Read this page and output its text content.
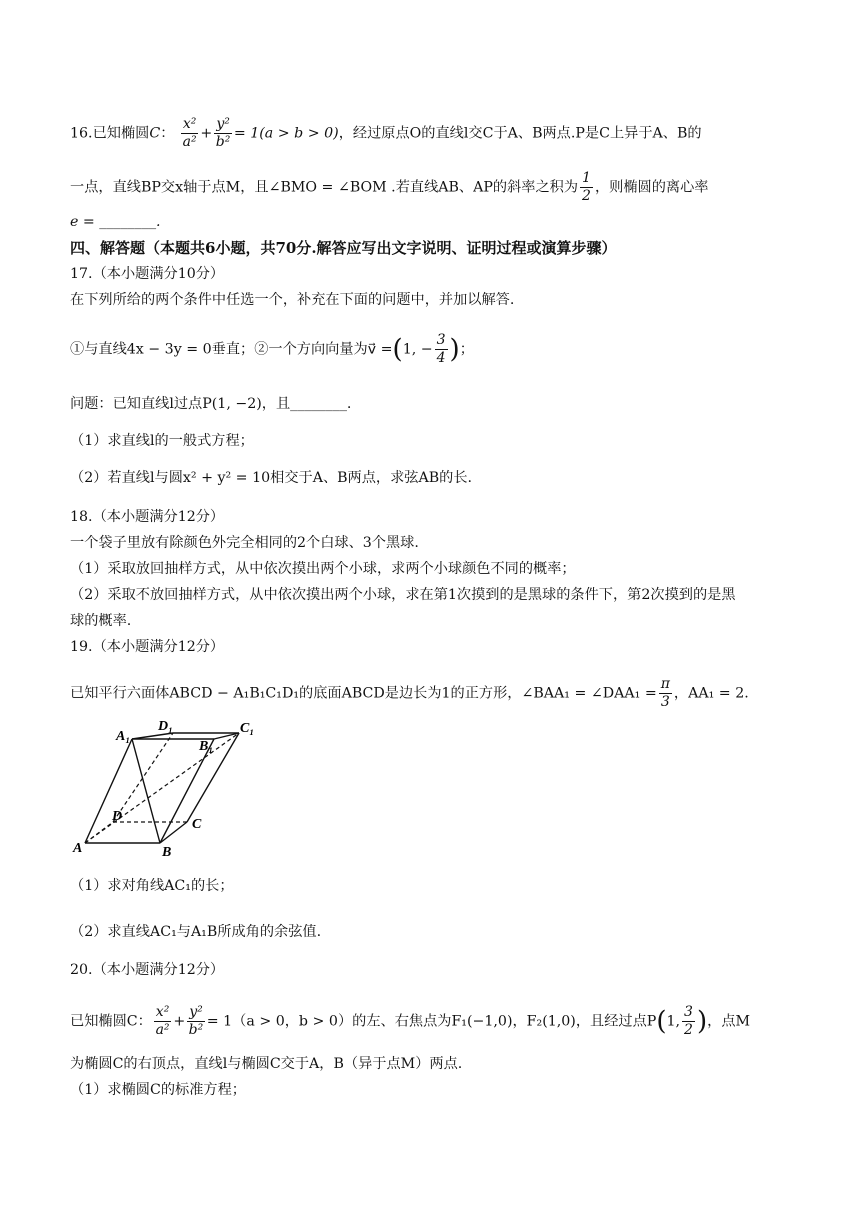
16.已知椭圆C： $\frac{\text{x²}}{\text{a²}} + \frac{\text{y²}}{\text{b²}} = 1(a > b > 0)$，经过原点O的直线l交C于A、B两点.P是C上异于A、B的
一点，直线BP交x轴于点M，且∠BMO = ∠BOM .若直线AB、AP的斜率之积为 $\frac{1}{2}$ ，则椭圆的离心率
e = ________.
四、解答题（本题共6小题，共70分.解答应写出文字说明、证明过程或演算步骤）
17.（本小题满分10分）
在下列所给的两个条件中任选一个，补充在下面的问题中，并加以解答.
①与直线4x − 3y = 0垂直；②一个方向向量为v⃗ =(1, − $\frac{3}{4}$ )；
问题：已知直线l过点P(1, −2)，且________.
（1）求直线l的一般式方程；
（2）若直线l与圆x² + y² = 10相交于A、B两点，求弦AB的长.
18.（本小题满分12分）
一个袋子里放有除颜色外完全相同的2个白球、3个黑球.
（1）采取放回抽样方式，从中依次摸出两个小球，求两个小球颜色不同的概率；
（2）采取不放回抽样方式，从中依次摸出两个小球，求在第1次摸到的是黑球的条件下，第2次摸到的是黑
球的概率.
19.（本小题满分12分）
已知平行六面体ABCD − A₁B₁C₁D₁的底面ABCD是边长为1的正方形，∠BAA₁ = ∠DAA₁ = $\frac{\pi}{3}$ ，AA₁ = 2.
A	B
C
D
A₁
B₁
C₁
D₁
（1）求对角线AC₁的长；
（2）求直线AC₁与A₁B所成角的余弦值.
20.（本小题满分12分）
已知椭圆C： $\frac{\text{x²}}{\text{a²}} + \frac{\text{y²}}{\text{b²}} = 1(a > 0$，b > 0）的左、右焦点为F₁(−1,0)，F₂(1,0)，且经过点P(1, $\frac{3}{2}$ )，点M
为椭圆C的右顶点，直线l与椭圆C交于A，B（异于点M）两点.
（1）求椭圆C的标准方程；
